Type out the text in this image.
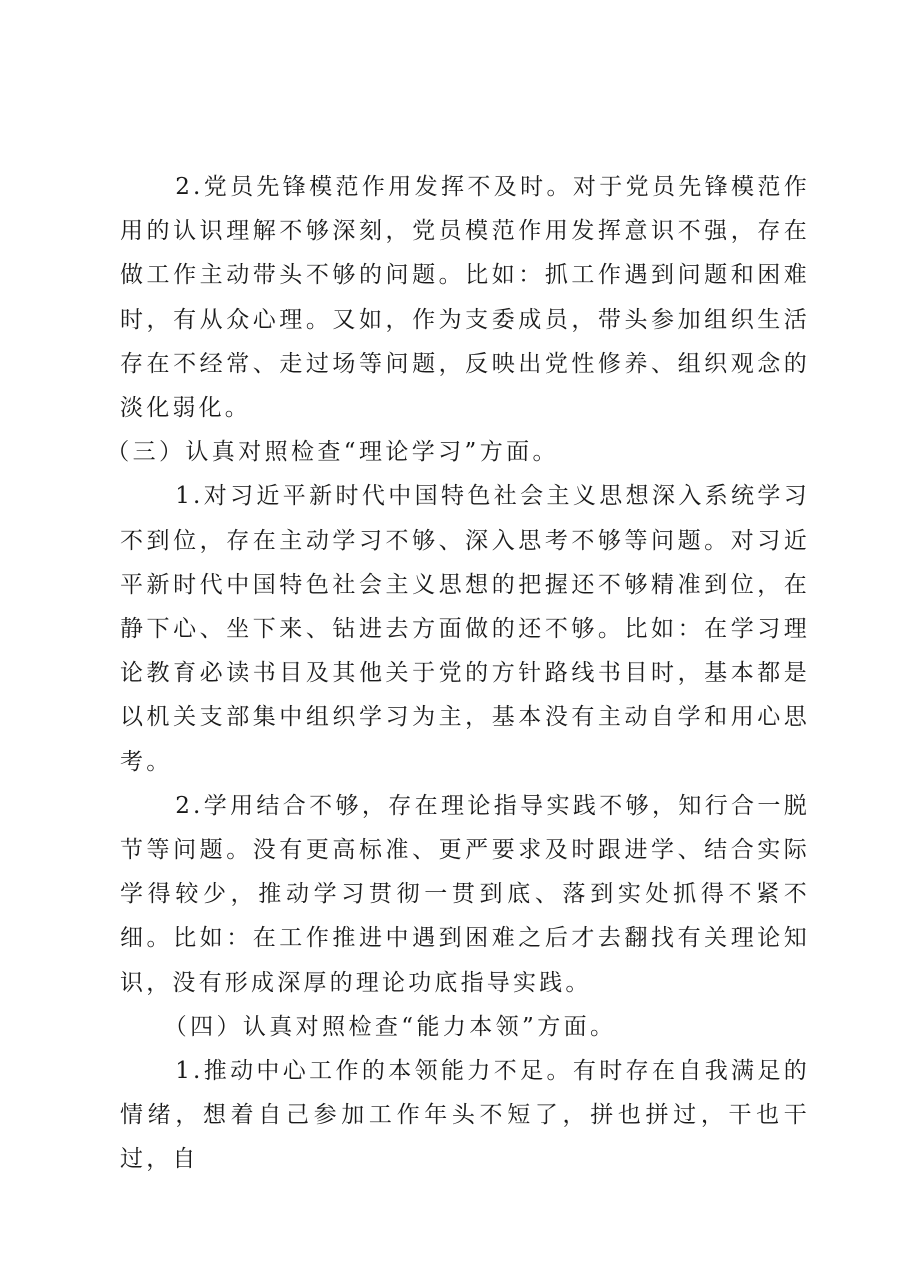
2.党员先锋模范作用发挥不及时。对于党员先锋模范作用的认识理解不够深刻，党员模范作用发挥意识不强，存在做工作主动带头不够的问题。比如：抓工作遇到问题和困难时，有从众心理。又如，作为支委成员，带头参加组织生活存在不经常、走过场等问题，反映出党性修养、组织观念的淡化弱化。

（三）认真对照检查“理论学习”方面。

1.对习近平新时代中国特色社会主义思想深入系统学习不到位，存在主动学习不够、深入思考不够等问题。对习近平新时代中国特色社会主义思想的把握还不够精准到位，在静下心、坐下来、钻进去方面做的还不够。比如：在学习理论教育必读书目及其他关于党的方针路线书目时，基本都是以机关支部集中组织学习为主，基本没有主动自学和用心思考。

2.学用结合不够，存在理论指导实践不够，知行合一脱节等问题。没有更高标准、更严要求及时跟进学、结合实际学得较少，推动学习贯彻一贯到底、落到实处抓得不紧不细。比如：在工作推进中遇到困难之后才去翻找有关理论知识，没有形成深厚的理论功底指导实践。

（四）认真对照检查“能力本领”方面。

1.推动中心工作的本领能力不足。有时存在自我满足的情绪，想着自己参加工作年头不短了，拼也拼过，干也干过，自
